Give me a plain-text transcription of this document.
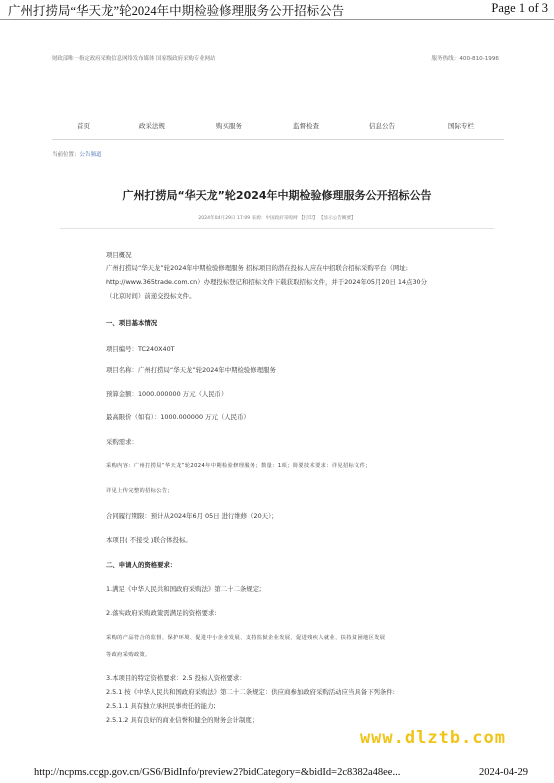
广州打捞局“华天龙”轮2024年中期检验修理服务公开招标公告	Page 1 of 3
财政部唯一指定政府采购信息网络发布媒体 国家级政府采购专业网站	服务热线：400-810-1996
首页	政采法规	购买服务	监督检查	信息公告	国际专栏
当前位置：公告频道
广州打捞局“华天龙”轮2024年中期检验修理服务公开招标公告
2024年04月29日 17:09 来源：中国政府采购网 【打印】 【显示公告概要】
项目概况
广州打捞局“华天龙”轮2024年中期检验修理服务 招标项目的潜在投标人应在中招联合招标采购平台（网址:
http://www.365trade.com.cn）办理投标登记和招标文件下载获取招标文件，并于2024年05月20日 14点30分
（北京时间）前递交投标文件。
一、项目基本情况
项目编号：TC240X40T
项目名称：广州打捞局“华天龙”轮2024年中期检验修理服务
预算金额：1000.000000 万元（人民币）
最高限价（如有）：1000.000000 万元（人民币）
采购需求：
采购内容：广州打捞局“华天龙”轮2024年中期检验修理服务；数量：1项；简要技术要求：详见招标文件；
详见上传完整的招标公告；
合同履行期限：预计从2024年6月 05日 进行维修（20天）；
本项目( 不接受 )联合体投标。
二、申请人的资格要求：
1.满足《中华人民共和国政府采购法》第二十二条规定;
2.落实政府采购政策需满足的资格要求:
采购的产品符合的监督、保护环境、促进中小企业发展、支持监狱企业发展、促进残疾人就业、扶持贫困地区发展
等政府采购政策。
3.本项目的特定资格要求：2.5 投标人资格要求：
2.5.1 按《中华人民共和国政府采购法》第二十二条规定：供应商参加政府采购活动应当具备下列条件:
2.5.1.1 具有独立承担民事责任的能力;
2.5.1.2 具有良好的商业信誉和健全的财务会计制度；
www.dlztb.com
http://ncpms.ccgp.gov.cn/GS6/BidInfo/preview2?bidCategory=&bidId=2c8382a48ee...	2024-04-29
